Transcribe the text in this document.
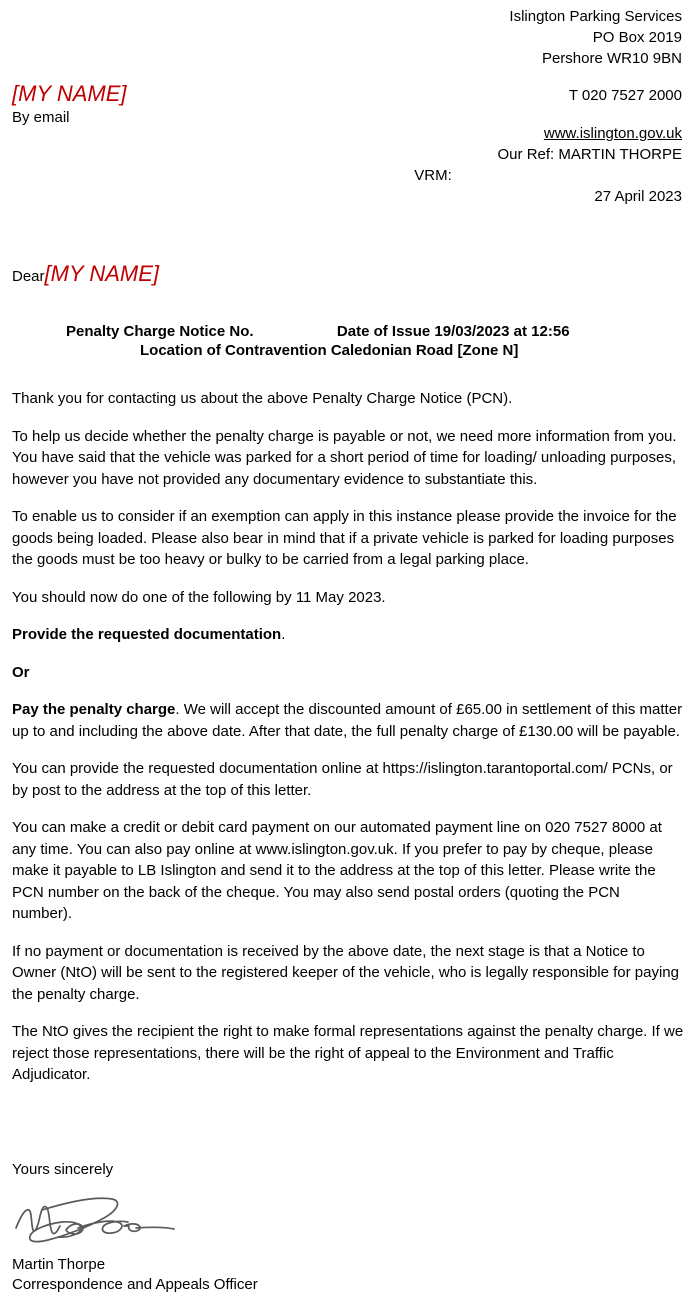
Islington Parking Services
PO Box 2019
Pershore WR10 9BN
T 020 7527 2000
www.islington.gov.uk
Our Ref: MARTIN THORPE
VRM:
27 April 2023
[MY NAME]
By email
Dear [MY NAME]
Penalty Charge Notice No.                    Date of Issue 19/03/2023 at 12:56
Location of Contravention Caledonian Road [Zone N]

Thank you for contacting us about the above Penalty Charge Notice (PCN).

To help us decide whether the penalty charge is payable or not, we need more information from you. You have said that the vehicle was parked for a short period of time for loading/ unloading purposes, however you have not provided any documentary evidence to substantiate this.

To enable us to consider if an exemption can apply in this instance please provide the invoice for the goods being loaded. Please also bear in mind that if a private vehicle is parked for loading purposes the goods must be too heavy or bulky to be carried from a legal parking place.

You should now do one of the following by 11 May 2023.

Provide the requested documentation.

Or

Pay the penalty charge. We will accept the discounted amount of £65.00 in settlement of this matter up to and including the above date. After that date, the full penalty charge of £130.00 will be payable.

You can provide the requested documentation online at https://islington.tarantoportal.com/ PCNs, or by post to the address at the top of this letter.

You can make a credit or debit card payment on our automated payment line on 020 7527 8000 at any time. You can also pay online at www.islington.gov.uk. If you prefer to pay by cheque, please make it payable to LB Islington and send it to the address at the top of this letter. Please write the PCN number on the back of the cheque. You may also send postal orders (quoting the PCN number).

If no payment or documentation is received by the above date, the next stage is that a Notice to Owner (NtO) will be sent to the registered keeper of the vehicle, who is legally responsible for paying the penalty charge.

The NtO gives the recipient the right to make formal representations against the penalty charge. If we reject those representations, there will be the right of appeal to the Environment and Traffic Adjudicator.

Yours sincerely
Martin Thorpe
Correspondence and Appeals Officer
